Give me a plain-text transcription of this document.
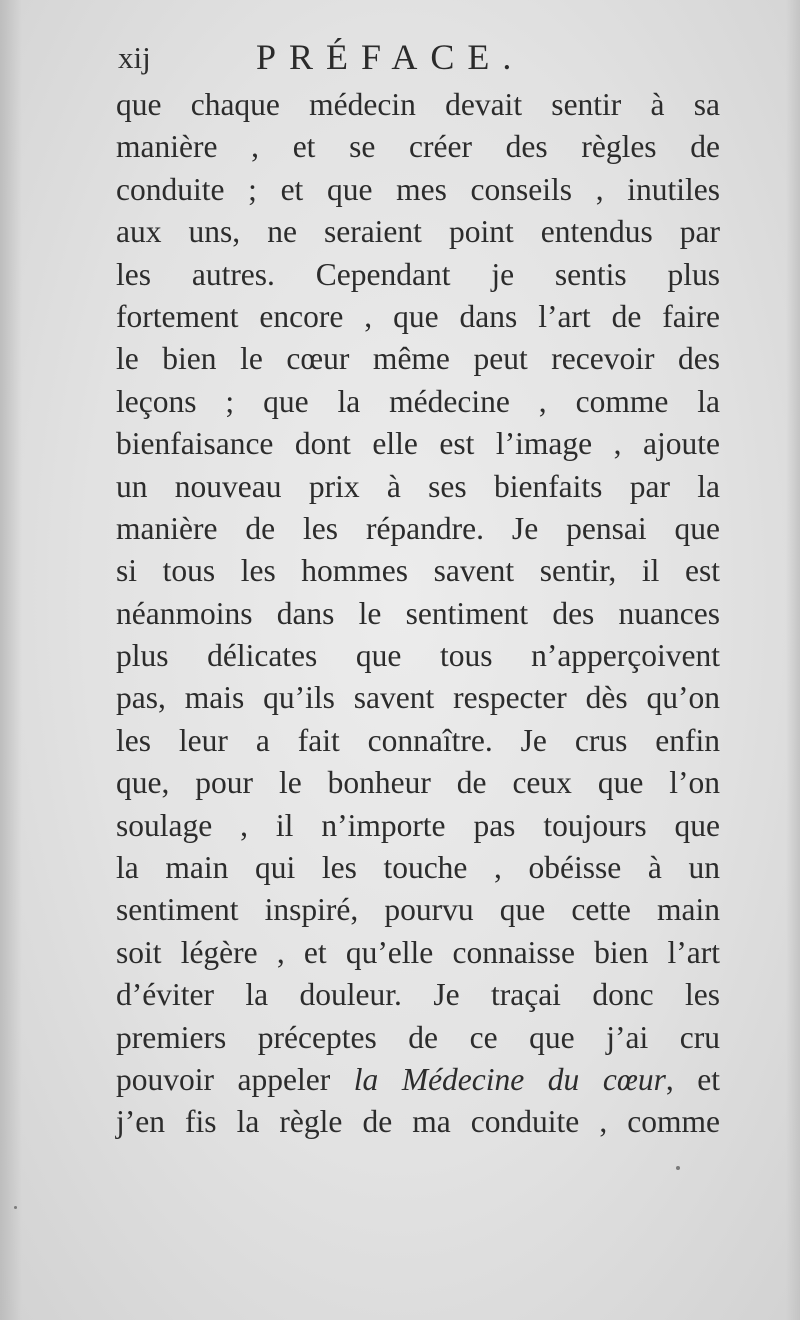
xij	PRÉFACE.
que chaque médecin devait sentir à sa
manière , et se créer des règles de
conduite ; et que mes conseils , inutiles
aux uns, ne seraient point entendus par
les autres. Cependant je sentis plus
fortement encore , que dans l’art de faire
le bien le cœur même peut recevoir des
leçons ; que la médecine , comme la
bienfaisance dont elle est l’image , ajoute
un nouveau prix à ses bienfaits par la
manière de les répandre. Je pensai que
si tous les hommes savent sentir, il est
néanmoins dans le sentiment des nuances
plus délicates que tous n’apperçoivent
pas, mais qu’ils savent respecter dès qu’on
les leur a fait connaître. Je crus enfin
que, pour le bonheur de ceux que l’on
soulage , il n’importe pas toujours que
la main qui les touche , obéisse à un
sentiment inspiré, pourvu que cette main
soit légère , et qu’elle connaisse bien l’art
d’éviter la douleur. Je traçai donc les
premiers préceptes de ce que j’ai cru
pouvoir appeler la Médecine du cœur, et
j’en fis la règle de ma conduite , comme
